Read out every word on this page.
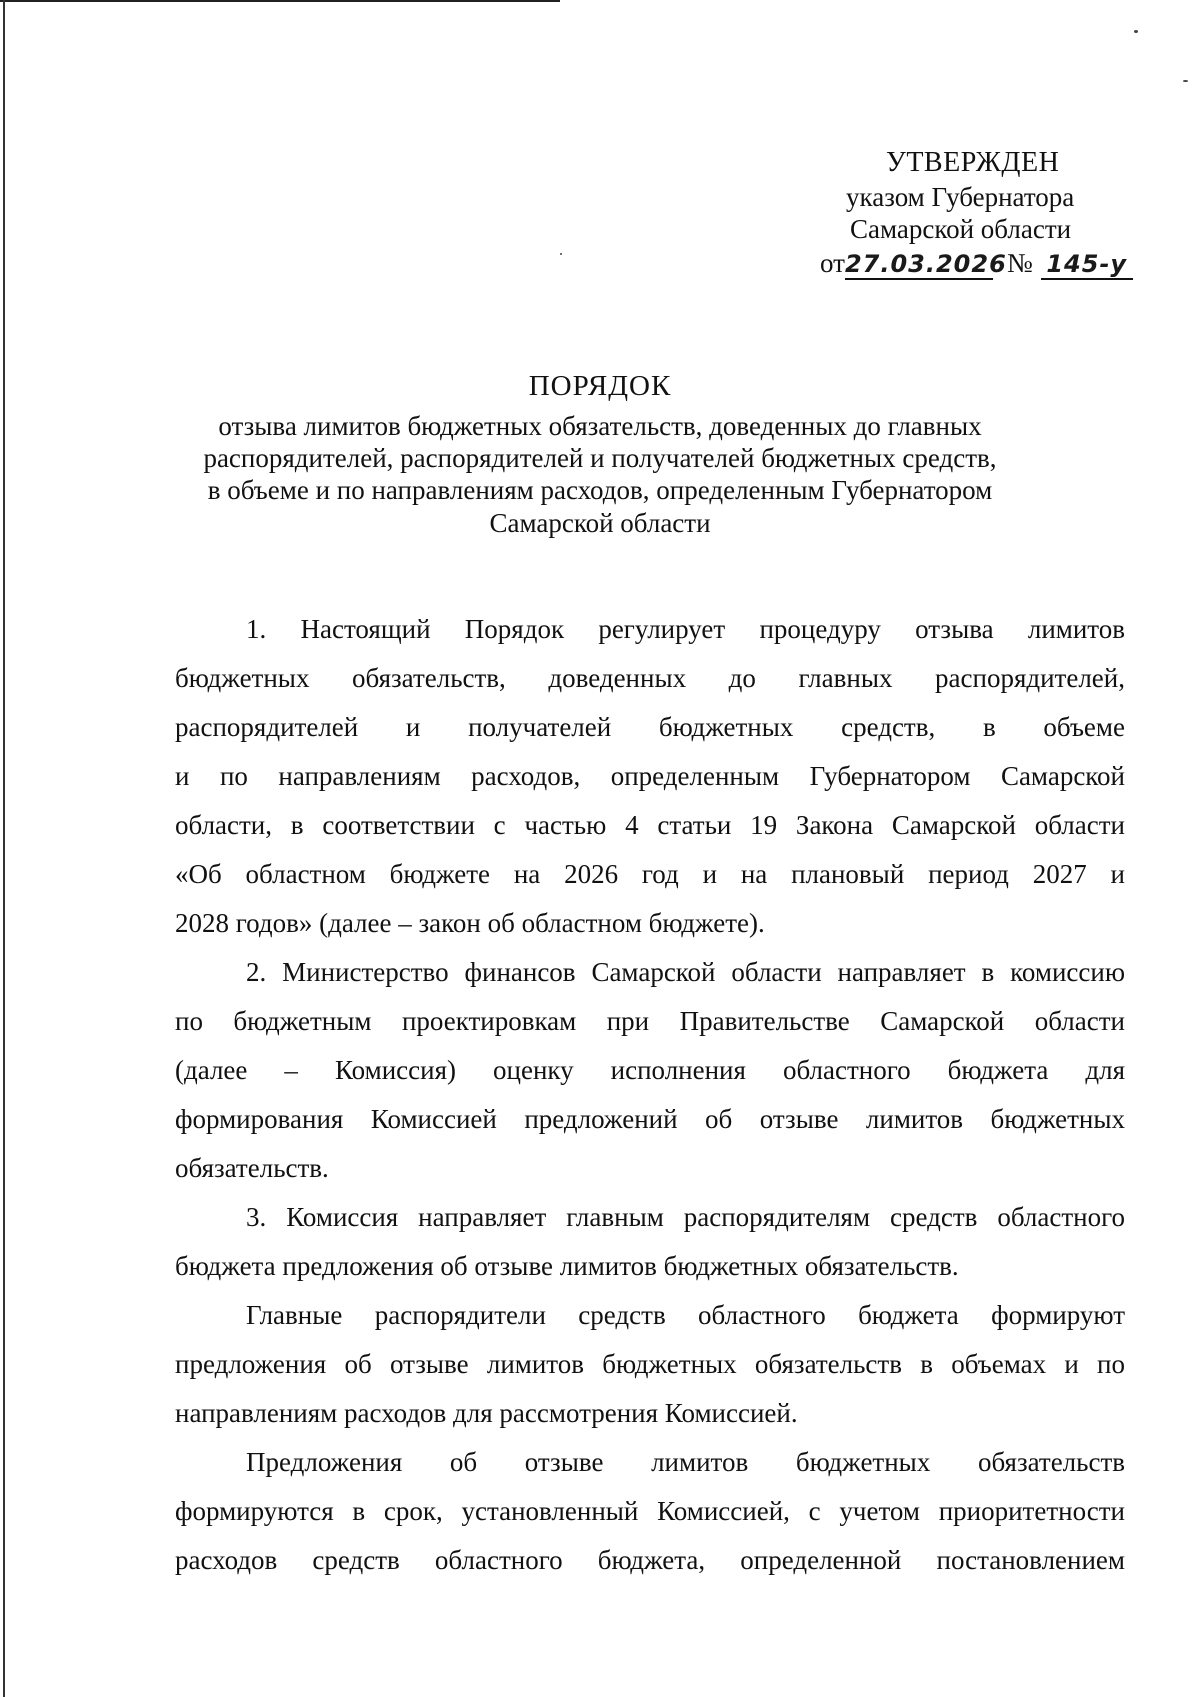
УТВЕРЖДЕН
указом Губернатора
Самарской области
от27.03.2026№ 145-у
ПОРЯДОК
отзыва лимитов бюджетных обязательств, доведенных до главных
распорядителей, распорядителей и получателей бюджетных средств,
в объеме и по направлениям расходов, определенным Губернатором
Самарской области
1. Настоящий Порядок регулирует процедуру отзыва лимитов
бюджетных обязательств, доведенных до главных распорядителей,
распорядителей и получателей бюджетных средств, в объеме
и по направлениям расходов, определенным Губернатором Самарской
области, в соответствии с частью 4 статьи 19 Закона Самарской области
«Об областном бюджете на 2026 год и на плановый период 2027 и
2028 годов» (далее – закон об областном бюджете).
2. Министерство финансов Самарской области направляет в комиссию
по бюджетным проектировкам при Правительстве Самарской области
(далее – Комиссия) оценку исполнения областного бюджета для
формирования Комиссией предложений об отзыве лимитов бюджетных
обязательств.
3. Комиссия направляет главным распорядителям средств областного
бюджета предложения об отзыве лимитов бюджетных обязательств.
Главные распорядители средств областного бюджета формируют
предложения об отзыве лимитов бюджетных обязательств в объемах и по
направлениям расходов для рассмотрения Комиссией.
Предложения об отзыве лимитов бюджетных обязательств
формируются в срок, установленный Комиссией, с учетом приоритетности
расходов средств областного бюджета, определенной постановлением
